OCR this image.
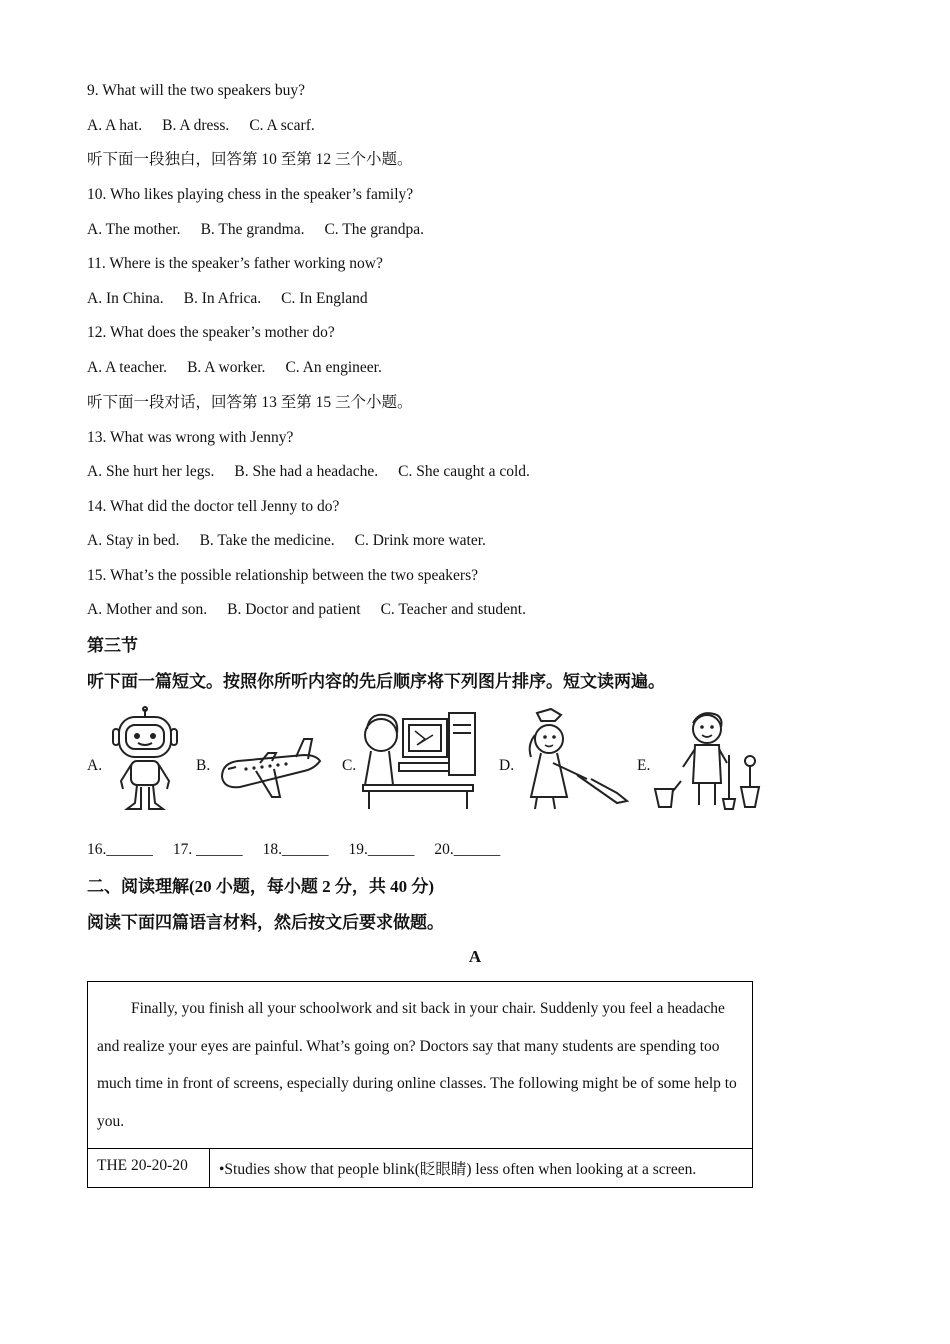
9. What will the two speakers buy?
A. A hat. B. A dress. C. A scarf.
听下面一段独白，回答第 10 至第 12 三个小题。
10. Who likes playing chess in the speaker’s family?
A. The mother. B. The grandma. C. The grandpa.
11. Where is the speaker’s father working now?
A. In China. B. In Africa. C. In England
12. What does the speaker’s mother do?
A. A teacher. B. A worker. C. An engineer.
听下面一段对话，回答第 13 至第 15 三个小题。
13. What was wrong with Jenny?
A. She hurt her legs. B. She had a headache. C. She caught a cold.
14. What did the doctor tell Jenny to do?
A. Stay in bed. B. Take the medicine. C. Drink more water.
15. What’s the possible relationship between the two speakers?
A. Mother and son. B. Doctor and patient C. Teacher and student.
第三节
听下面一篇短文。按照你所听内容的先后顺序将下列图片排序。短文读两遍。
A.	B.	C.	D.	E.
16.______ 17. ______ 18.______ 19.______ 20.______
二、阅读理解(20 小题，每小题 2 分，共 40 分)
阅读下面四篇语言材料，然后按文后要求做题。
A
Finally, you finish all your schoolwork and sit back in your chair. Suddenly you feel a headache and realize your eyes are painful. What’s going on? Doctors say that many students are spending too much time in front of screens, especially during online classes. The following might be of some help to you.
THE 20-20-20	•Studies show that people blink(眨眼睛) less often when looking at a screen.
